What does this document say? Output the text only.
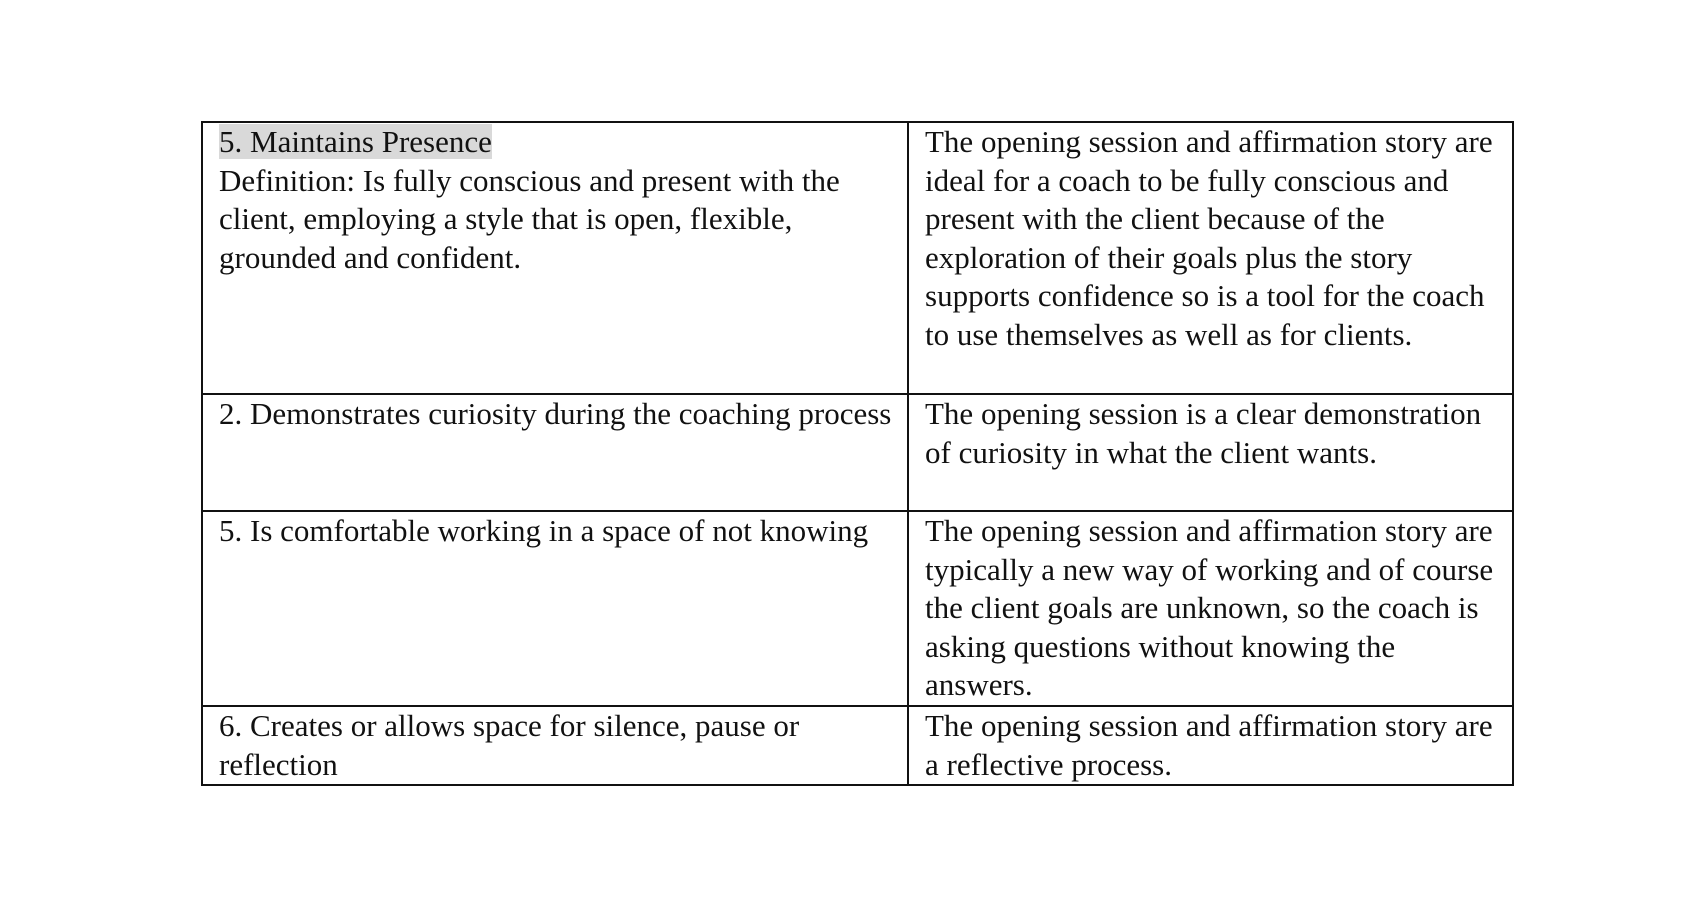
5. Maintains Presence
Definition: Is fully conscious and present with the client, employing a style that is open, flexible, grounded and confident.	The opening session and affirmation story are ideal for a coach to be fully conscious and present with the client because of the exploration of their goals plus the story supports confidence so is a tool for the coach to use themselves as well as for clients.
2. Demonstrates curiosity during the coaching process	The opening session is a clear demonstration of curiosity in what the client wants.
5. Is comfortable working in a space of not knowing	The opening session and affirmation story are typically a new way of working and of course the client goals are unknown, so the coach is asking questions without knowing the answers.
6. Creates or allows space for silence, pause or reflection	The opening session and affirmation story are a reflective process.
